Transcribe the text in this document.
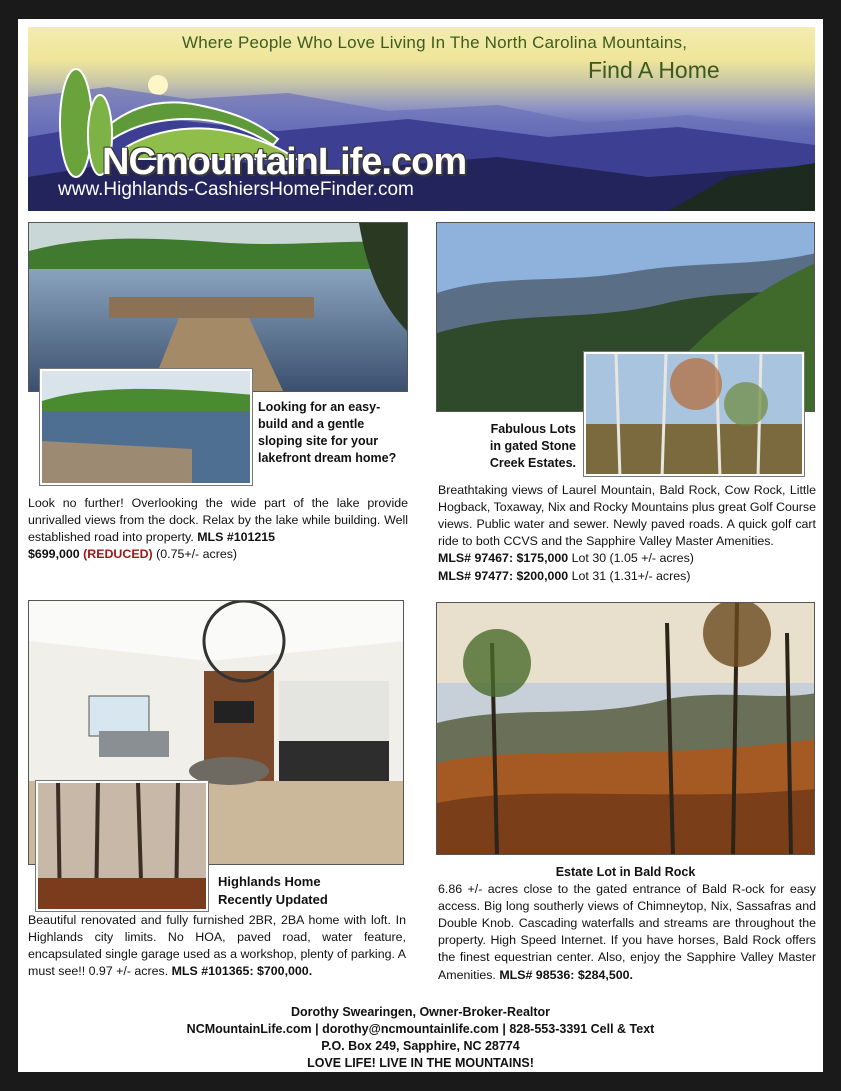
Where People Who Love Living In The North Carolina Mountains,
Find A Home
NCmountainLife.com
www.Highlands-CashiersHomeFinder.com
Looking for an easy-build and a gentle sloping site for your lakefront dream home?
Look no further! Overlooking the wide part of the lake provide unrivalled views from the dock. Relax by the lake while building. Well established road into property. MLS #101215
$699,000 (REDUCED) (0.75+/- acres)
Fabulous Lots
in gated Stone
Creek Estates.
Breathtaking views of Laurel Mountain, Bald Rock, Cow Rock, Little Hogback, Toxaway, Nix and Rocky Mountains plus great Golf Course views. Public water and sewer. Newly paved roads. A quick golf cart ride to both CCVS and the Sapphire Valley Master Amenities.
MLS# 97467: $175,000 Lot 30 (1.05 +/- acres)
MLS# 97477: $200,000 Lot 31 (1.31+/- acres)
Highlands Home
Recently Updated
Beautiful renovated and fully furnished 2BR, 2BA home with loft. In Highlands city limits. No HOA, paved road, water feature, encapsulated single garage used as a workshop, plenty of parking. A must see!! 0.97 +/- acres. MLS #101365: $700,000.
Estate Lot in Bald Rock
6.86 +/- acres close to the gated entrance of Bald R-ock for easy access. Big long southerly views of Chimneytop, Nix, Sassafras and Double Knob. Cascading waterfalls and streams are throughout the property. High Speed Internet. If you have horses, Bald Rock offers the finest equestrian center. Also, enjoy the Sapphire Valley Master Amenities. MLS# 98536: $284,500.
Dorothy Swearingen, Owner-Broker-Realtor
NCMountainLife.com | dorothy@ncmountainlife.com | 828-553-3391 Cell & Text
P.O. Box 249, Sapphire, NC 28774
LOVE LIFE! LIVE IN THE MOUNTAINS!
